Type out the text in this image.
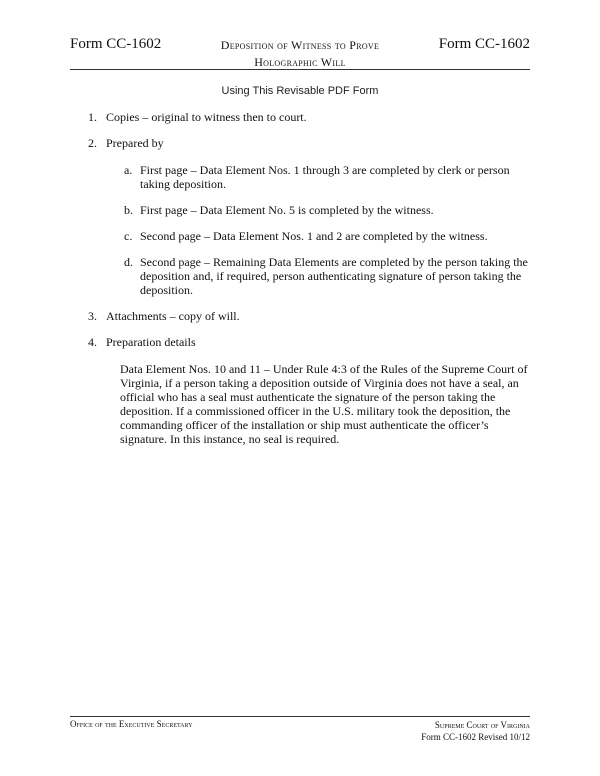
Form CC-1602	Deposition of Witness to Prove
Holographic Will
Form CC-1602
Using This Revisable PDF Form
1. Copies – original to witness then to court.
2. Prepared by
a. First page – Data Element Nos. 1 through 3 are completed by clerk or person taking deposition.
b. First page – Data Element No. 5 is completed by the witness.
c. Second page – Data Element Nos. 1 and 2 are completed by the witness.
d. Second page – Remaining Data Elements are completed by the person taking the deposition and, if required, person authenticating signature of person taking the deposition.
3. Attachments – copy of will.
4. Preparation details
Data Element Nos. 10 and 11 – Under Rule 4:3 of the Rules of the Supreme Court of Virginia, if a person taking a deposition outside of Virginia does not have a seal, an official who has a seal must authenticate the signature of the person taking the deposition. If a commissioned officer in the U.S. military took the deposition, the commanding officer of the installation or ship must authenticate the officer’s signature. In this instance, no seal is required.
Office of the Executive Secretary	Supreme Court of Virginia
Form CC-1602 Revised 10/12
